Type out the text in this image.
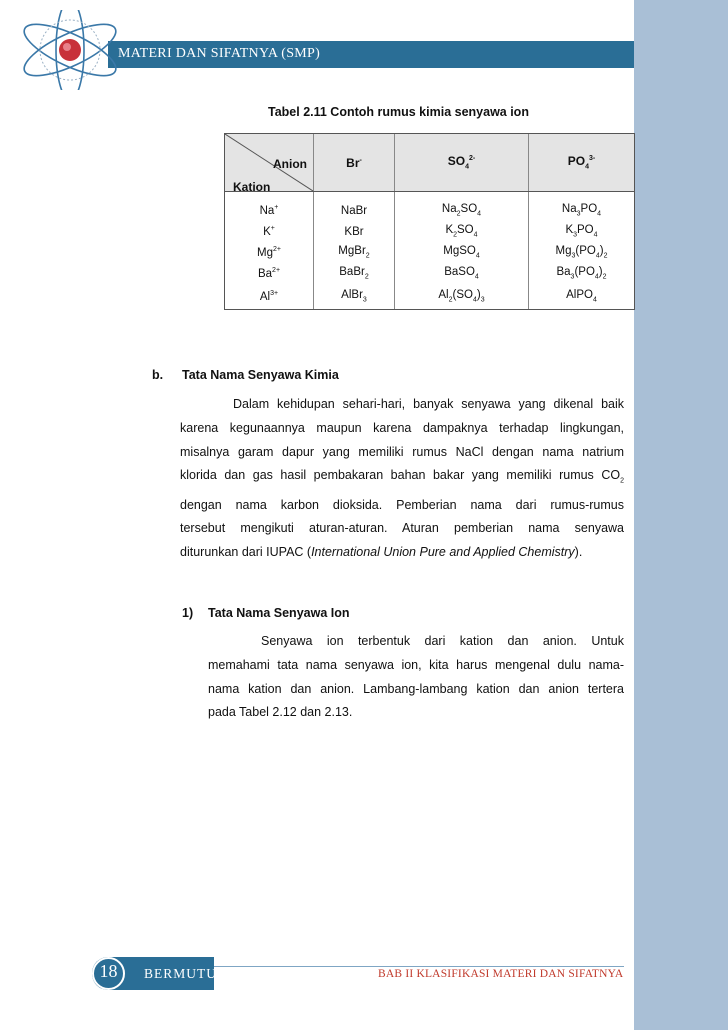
MATERI DAN SIFATNYA (SMP)
Tabel 2.11 Contoh rumus kimia senyawa ion
Anion
Kation	Br-	$SO_4^{2-}$	$PO_4^{3-}$

Na+	NaBr	$Na_2SO_4$	$Na_3PO_4$
K+	KBr	$K_2SO_4$	$K_3PO_4$
$Mg^{2+}$	MgBr$_2$	MgSO$_4$	$Mg_3(PO_4)_2$
$Ba^{2+}$	BaBr$_2$	BaSO$_4$	$Ba_3(PO_4)_2$
$Al^{3+}$	AlBr$_3$	$Al_2(SO_4)_3$	AlPO$_4$
b. Tata Nama Senyawa Kimia
Dalam kehidupan sehari-hari, banyak senyawa yang dikenal baik
karena kegunaannya maupun karena dampaknya terhadap lingkungan,
misalnya garam dapur yang memiliki rumus NaCl dengan nama natrium
klorida dan gas hasil pembakaran bahan bakar yang memiliki rumus $CO_2$
dengan nama karbon dioksida. Pemberian nama dari rumus-rumus
tersebut mengikuti aturan-aturan. Aturan pemberian nama senyawa
diturunkan dari IUPAC (International Union Pure and Applied Chemistry).
1) Tata Nama Senyawa Ion
Senyawa ion terbentuk dari kation dan anion. Untuk
memahami tata nama senyawa ion, kita harus mengenal dulu nama-
nama kation dan anion. Lambang-lambang kation dan anion tertera
pada Tabel 2.12 dan 2.13.
18	BERMUTU	BAB II KLASIFIKASI MATERI DAN SIFATNYA
